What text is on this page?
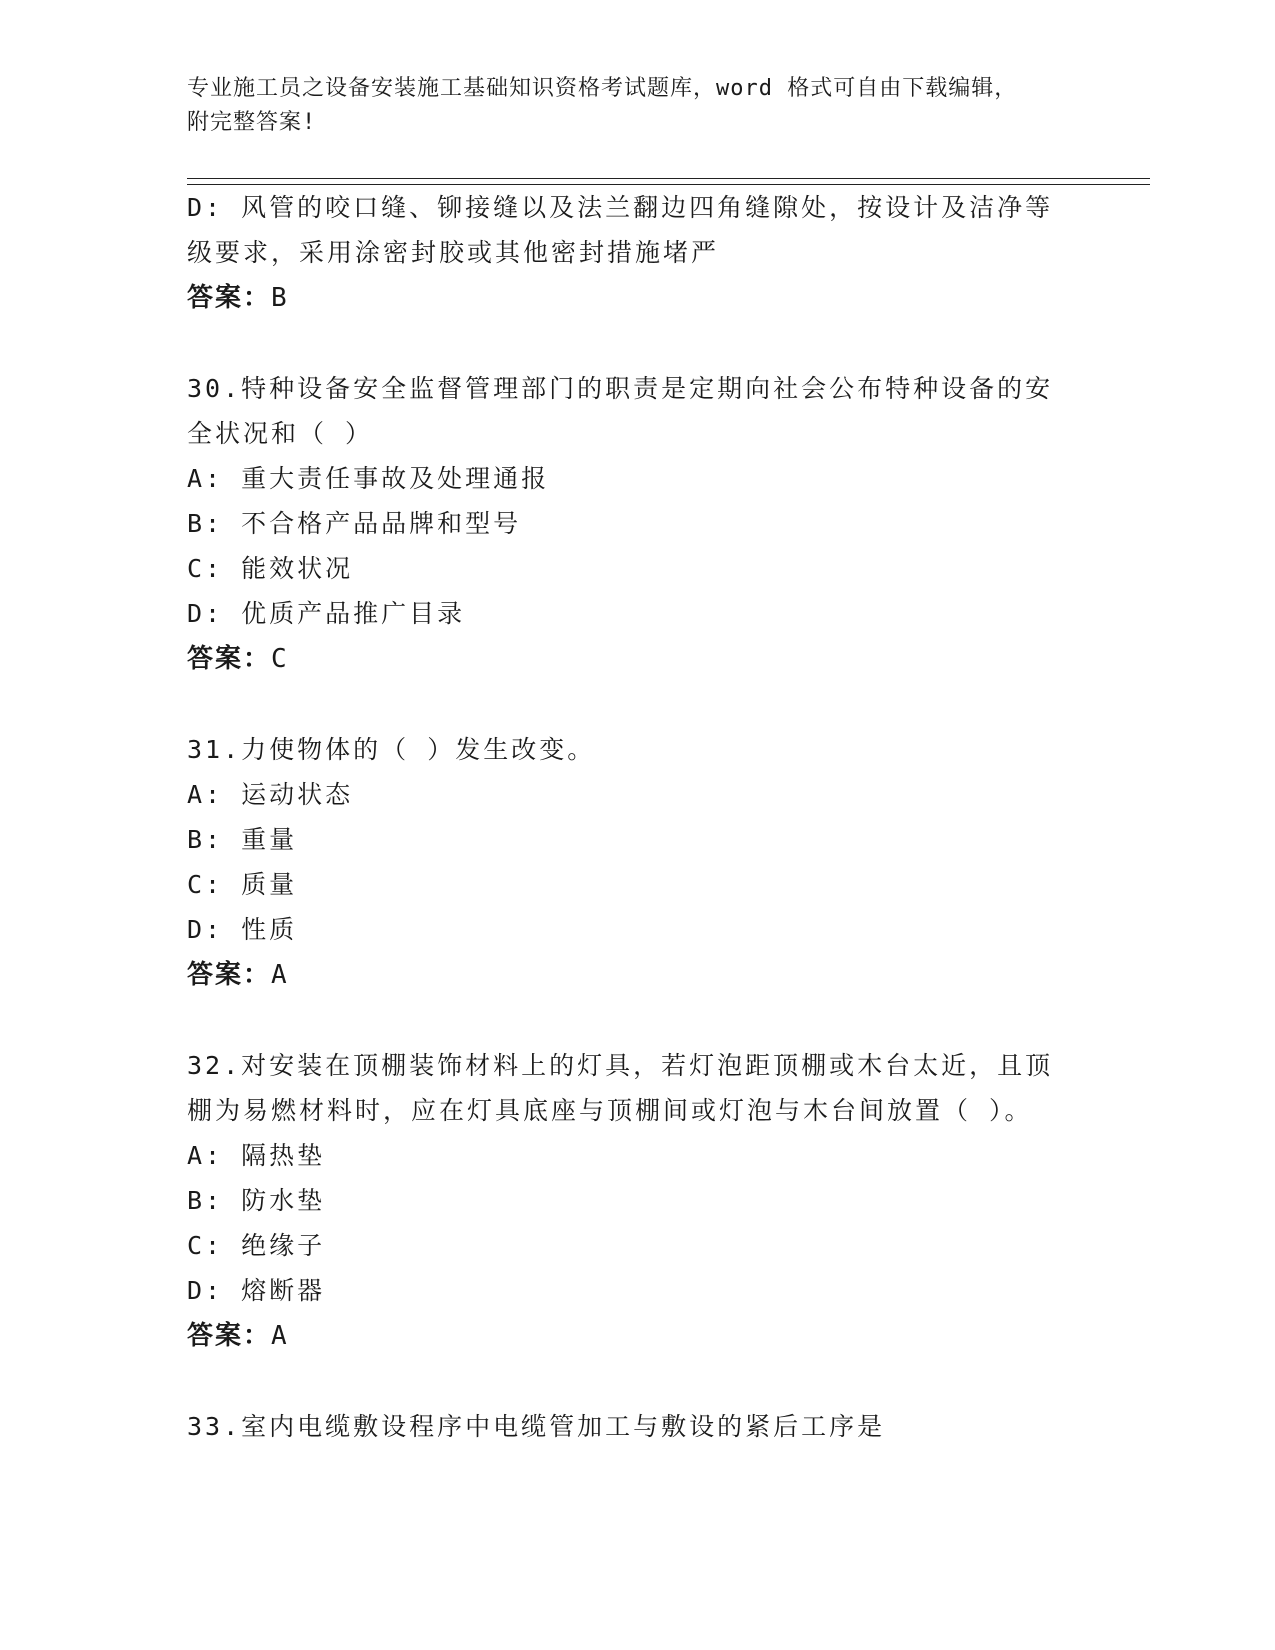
专业施工员之设备安装施工基础知识资格考试题库，word 格式可自由下载编辑，
附完整答案!
D: 风管的咬口缝、铆接缝以及法兰翻边四角缝隙处，按设计及洁净等
级要求，采用涂密封胶或其他密封措施堵严
答案：B
30.特种设备安全监督管理部门的职责是定期向社会公布特种设备的安
全状况和（ ）
A: 重大责任事故及处理通报
B: 不合格产品品牌和型号
C: 能效状况
D: 优质产品推广目录
答案：C
31.力使物体的（ ）发生改变。
A: 运动状态
B: 重量
C: 质量
D: 性质
答案：A
32.对安装在顶棚装饰材料上的灯具，若灯泡距顶棚或木台太近，且顶
棚为易燃材料时，应在灯具底座与顶棚间或灯泡与木台间放置（ ）。
A: 隔热垫
B: 防水垫
C: 绝缘子
D: 熔断器
答案：A
33.室内电缆敷设程序中电缆管加工与敷设的紧后工序是
